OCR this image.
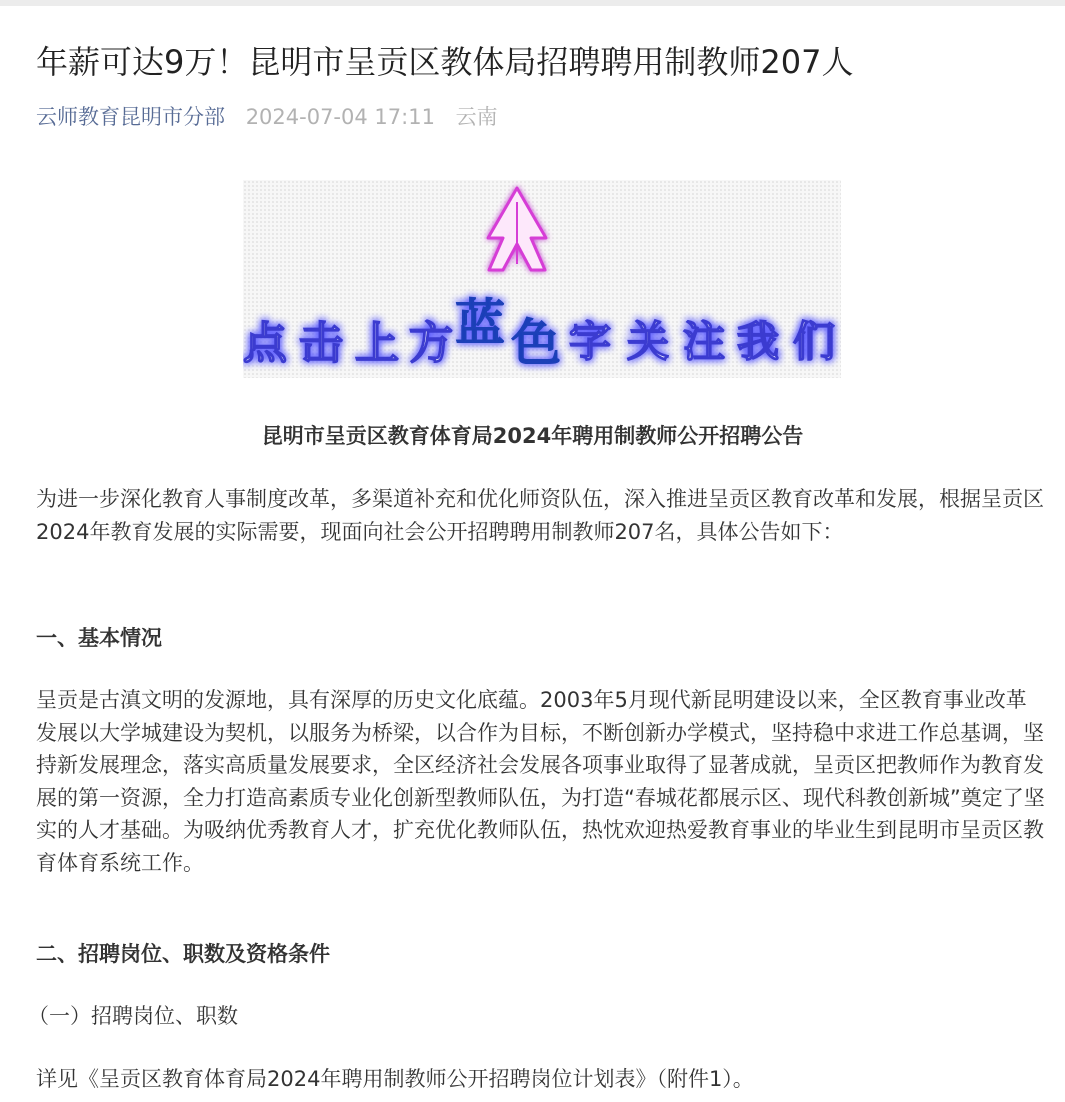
年薪可达9万！昆明市呈贡区教体局招聘聘用制教师207人
云师教育昆明市分部 2024-07-04 17:11 云南
点 击 上 方 蓝 色 字 关 注 我 们
昆明市呈贡区教育体育局2024年聘用制教师公开招聘公告

为进一步深化教育人事制度改革，多渠道补充和优化师资队伍，深入推进呈贡区教育改革和发展，根据呈贡区2024年教育发展的实际需要，现面向社会公开招聘聘用制教师207名，具体公告如下：

一、基本情况

呈贡是古滇文明的发源地，具有深厚的历史文化底蕴。2003年5月现代新昆明建设以来，全区教育事业改革发展以大学城建设为契机，以服务为桥梁，以合作为目标，不断创新办学模式，坚持稳中求进工作总基调，坚持新发展理念，落实高质量发展要求，全区经济社会发展各项事业取得了显著成就，呈贡区把教师作为教育发展的第一资源，全力打造高素质专业化创新型教师队伍，为打造“春城花都展示区、现代科教创新城”奠定了坚实的人才基础。为吸纳优秀教育人才，扩充优化教师队伍，热忱欢迎热爱教育事业的毕业生到昆明市呈贡区教育体育系统工作。

二、招聘岗位、职数及资格条件
（一）招聘岗位、职数

详见《呈贡区教育体育局2024年聘用制教师公开招聘岗位计划表》（附件1）。
